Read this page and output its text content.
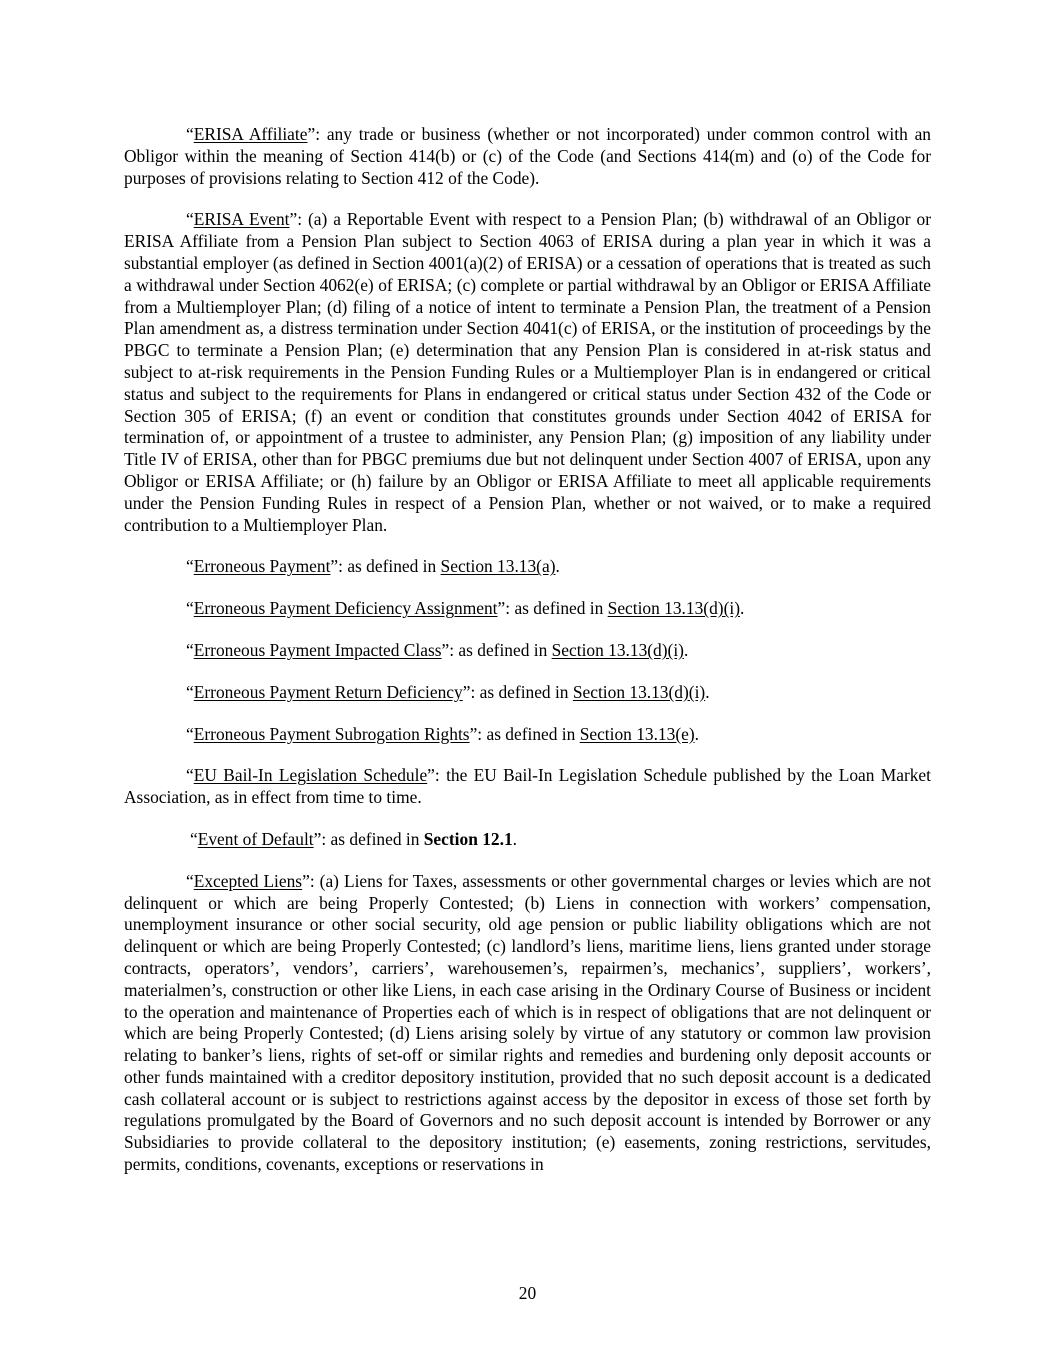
“ERISA Affiliate”: any trade or business (whether or not incorporated) under common control with an Obligor within the meaning of Section 414(b) or (c) of the Code (and Sections 414(m) and (o) of the Code for purposes of provisions relating to Section 412 of the Code).

“ERISA Event”: (a) a Reportable Event with respect to a Pension Plan; (b) withdrawal of an Obligor or ERISA Affiliate from a Pension Plan subject to Section 4063 of ERISA during a plan year in which it was a substantial employer (as defined in Section 4001(a)(2) of ERISA) or a cessation of operations that is treated as such a withdrawal under Section 4062(e) of ERISA; (c) complete or partial withdrawal by an Obligor or ERISA Affiliate from a Multiemployer Plan; (d) filing of a notice of intent to terminate a Pension Plan, the treatment of a Pension Plan amendment as, a distress termination under Section 4041(c) of ERISA, or the institution of proceedings by the PBGC to terminate a Pension Plan; (e) determination that any Pension Plan is considered in at-risk status and subject to at-risk requirements in the Pension Funding Rules or a Multiemployer Plan is in endangered or critical status and subject to the requirements for Plans in endangered or critical status under Section 432 of the Code or Section 305 of ERISA; (f) an event or condition that constitutes grounds under Section 4042 of ERISA for termination of, or appointment of a trustee to administer, any Pension Plan; (g) imposition of any liability under Title IV of ERISA, other than for PBGC premiums due but not delinquent under Section 4007 of ERISA, upon any Obligor or ERISA Affiliate; or (h) failure by an Obligor or ERISA Affiliate to meet all applicable requirements under the Pension Funding Rules in respect of a Pension Plan, whether or not waived, or to make a required contribution to a Multiemployer Plan.

“Erroneous Payment”: as defined in Section 13.13(a).

“Erroneous Payment Deficiency Assignment”: as defined in Section 13.13(d)(i).

“Erroneous Payment Impacted Class”: as defined in Section 13.13(d)(i).

“Erroneous Payment Return Deficiency”: as defined in Section 13.13(d)(i).

“Erroneous Payment Subrogation Rights”: as defined in Section 13.13(e).

“EU Bail-In Legislation Schedule”: the EU Bail-In Legislation Schedule published by the Loan Market Association, as in effect from time to time.

“Event of Default”: as defined in Section 12.1.

“Excepted Liens”: (a) Liens for Taxes, assessments or other governmental charges or levies which are not delinquent or which are being Properly Contested; (b) Liens in connection with workers’ compensation, unemployment insurance or other social security, old age pension or public liability obligations which are not delinquent or which are being Properly Contested; (c) landlord’s liens, maritime liens, liens granted under storage contracts, operators’, vendors’, carriers’, warehousemen’s, repairmen’s, mechanics’, suppliers’, workers’, materialmen’s, construction or other like Liens, in each case arising in the Ordinary Course of Business or incident to the operation and maintenance of Properties each of which is in respect of obligations that are not delinquent or which are being Properly Contested; (d) Liens arising solely by virtue of any statutory or common law provision relating to banker’s liens, rights of set-off or similar rights and remedies and burdening only deposit accounts or other funds maintained with a creditor depository institution, provided that no such deposit account is a dedicated cash collateral account or is subject to restrictions against access by the depositor in excess of those set forth by regulations promulgated by the Board of Governors and no such deposit account is intended by Borrower or any Subsidiaries to provide collateral to the depository institution; (e) easements, zoning restrictions, servitudes, permits, conditions, covenants, exceptions or reservations in

20
